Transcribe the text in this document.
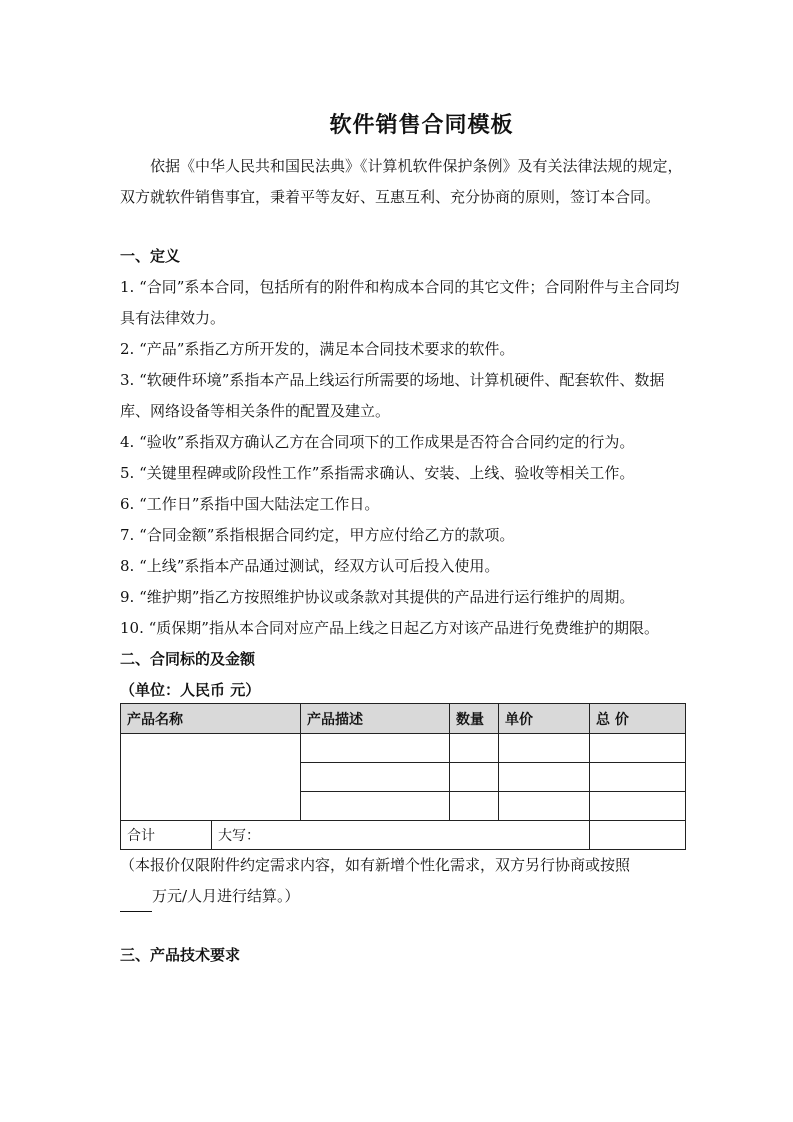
软件销售合同模板

依据《中华人民共和国民法典》《计算机软件保护条例》及有关法律法规的规定，双方就软件销售事宜，秉着平等友好、互惠互利、充分协商的原则，签订本合同。

一、定义

1. “合同”系本合同，包括所有的附件和构成本合同的其它文件；合同附件与主合同均具有法律效力。

2. “产品”系指乙方所开发的，满足本合同技术要求的软件。

3. “软硬件环境”系指本产品上线运行所需要的场地、计算机硬件、配套软件、数据库、网络设备等相关条件的配置及建立。

4. “验收”系指双方确认乙方在合同项下的工作成果是否符合合同约定的行为。

5. “关键里程碑或阶段性工作”系指需求确认、安装、上线、验收等相关工作。

6. “工作日”系指中国大陆法定工作日。

7. “合同金额”系指根据合同约定，甲方应付给乙方的款项。

8. “上线”系指本产品通过测试，经双方认可后投入使用。

9. “维护期”指乙方按照维护协议或条款对其提供的产品进行运行维护的周期。

10. “质保期”指从本合同对应产品上线之日起乙方对该产品进行免费维护的期限。

二、合同标的及金额

（单位：人民币 元）

产品名称		产品描述	数量	单价	总 价

合计	大写：				

（本报价仅限附件约定需求内容，如有新增个性化需求，双方另行协商或按照
万元/人月进行结算。）

三、产品技术要求
